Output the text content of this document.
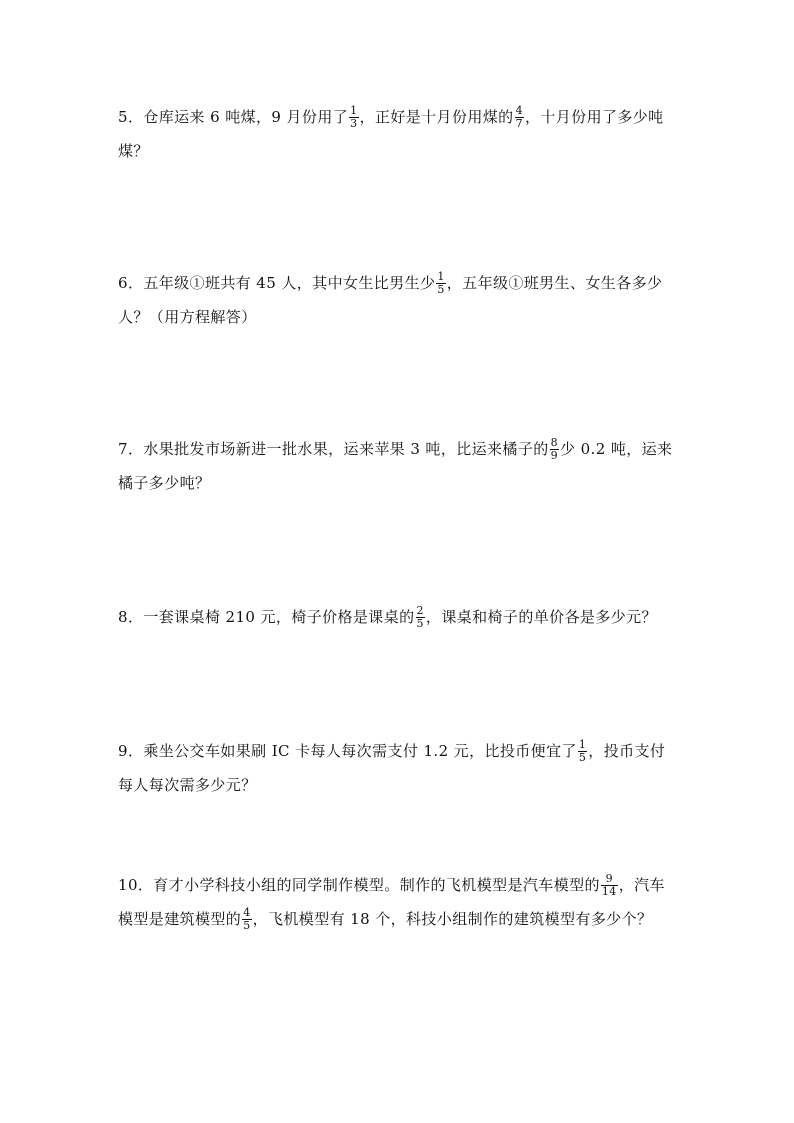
5．仓库运来 6 吨煤，9 月份用了 $\frac{1}{3}$ ，正好是十月份用煤的 $\frac{4}{7}$ ，十月份用了多少吨煤？
6．五年级①班共有 45 人，其中女生比男生少 $\frac{1}{5}$ ，五年级①班男生、女生各多少人？（用方程解答）
7．水果批发市场新进一批水果，运来苹果 3 吨，比运来橘子的 $\frac{8}{9}$ 少 0.2 吨，运来橘子多少吨？
8．一套课桌椅 210 元，椅子价格是课桌的 $\frac{2}{5}$ ，课桌和椅子的单价各是多少元？
9．乘坐公交车如果刷 IC 卡每人每次需支付 1.2 元，比投币便宜了 $\frac{1}{5}$ ，投币支付每人每次需多少元？
10．育才小学科技小组的同学制作模型。制作的飞机模型是汽车模型的 $\frac{9}{14}$ ，汽车模型是建筑模型的 $\frac{4}{5}$ ，飞机模型有 18 个，科技小组制作的建筑模型有多少个？
